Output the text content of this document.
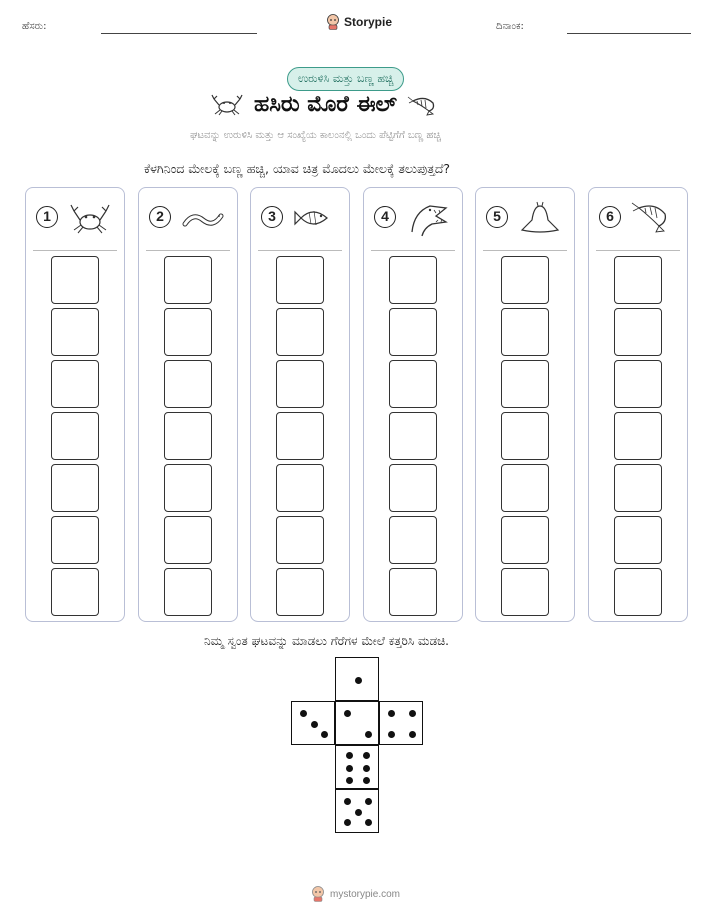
ಹೆಸರು:	Storypie	ದಿನಾಂಕ:
ಉರುಳಿಸಿ ಮತ್ತು ಬಣ್ಣ ಹಚ್ಚಿ
ಹಸಿರು ಮೊರೆ ಈಲ್
ಘಟವನ್ನು ಉರುಳಿಸಿ ಮತ್ತು ಆ ಸಂಖ್ಯೆಯ ಕಾಲಂನಲ್ಲಿ ಒಂದು ಪೆಟ್ಟಿಗೆಗೆ ಬಣ್ಣ ಹಚ್ಚಿ
ಕೆಳಗಿನಿಂದ ಮೇಲಕ್ಕೆ ಬಣ್ಣ ಹಚ್ಚಿ, ಯಾವ ಚಿತ್ರ ಮೊದಲು ಮೇಲಕ್ಕೆ ತಲುಪುತ್ತದೆ?
1	2	3	4	5	6
ನಿಮ್ಮ ಸ್ವಂತ ಘಟವನ್ನು ಮಾಡಲು ಗೆರೆಗಳ ಮೇಲೆ ಕತ್ತರಿಸಿ ಮಡಚಿ.
mystorypie.com
